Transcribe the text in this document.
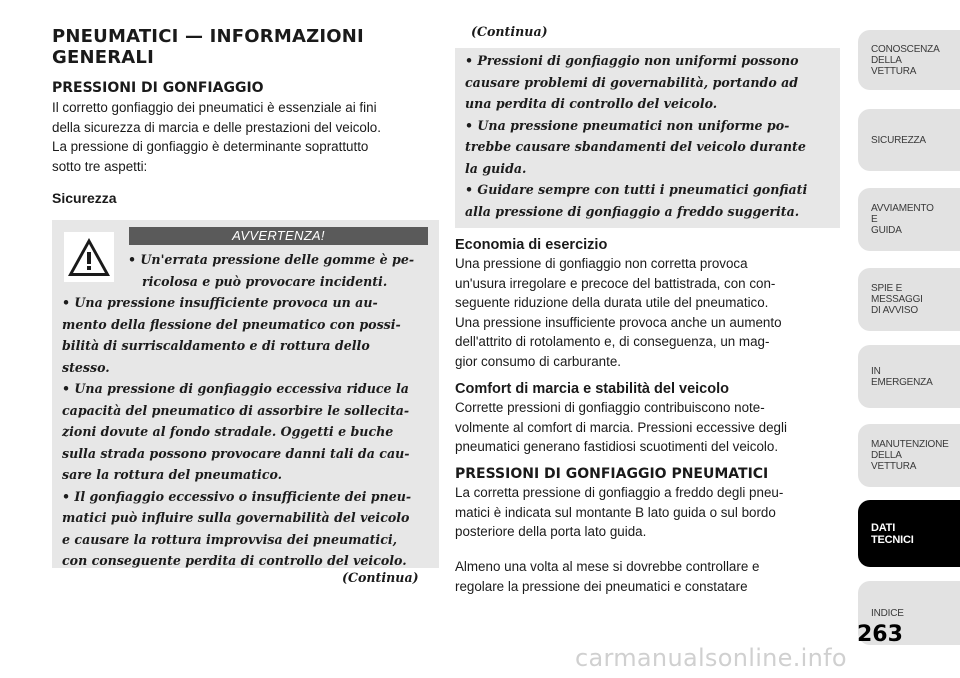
PNEUMATICI — INFORMAZIONI
GENERALI
PRESSIONI DI GONFIAGGIO
Il corretto gonfiaggio dei pneumatici è essenziale ai fini
della sicurezza di marcia e delle prestazioni del veicolo.
La pressione di gonfiaggio è determinante soprattutto
sotto tre aspetti:
Sicurezza
AVVERTENZA!
• Un'errata pressione delle gomme è pe-
ricolosa e può provocare incidenti.
• Una pressione insufficiente provoca un au-
mento della flessione del pneumatico con possi-
bilità di surriscaldamento e di rottura dello
stesso.
• Una pressione di gonfiaggio eccessiva riduce la
capacità del pneumatico di assorbire le sollecita-
zioni dovute al fondo stradale. Oggetti e buche
sulla strada possono provocare danni tali da cau-
sare la rottura del pneumatico.
• Il gonfiaggio eccessivo o insufficiente dei pneu-
matici può influire sulla governabilità del veicolo
e causare la rottura improvvisa dei pneumatici,
con conseguente perdita di controllo del veicolo.
(Continua)
(Continua)
• Pressioni di gonfiaggio non uniformi possono
causare problemi di governabilità, portando ad
una perdita di controllo del veicolo.
• Una pressione pneumatici non uniforme po-
trebbe causare sbandamenti del veicolo durante
la guida.
• Guidare sempre con tutti i pneumatici gonfiati
alla pressione di gonfiaggio a freddo suggerita.
Economia di esercizio
Una pressione di gonfiaggio non corretta provoca
un'usura irregolare e precoce del battistrada, con con-
seguente riduzione della durata utile del pneumatico.
Una pressione insufficiente provoca anche un aumento
dell'attrito di rotolamento e, di conseguenza, un mag-
gior consumo di carburante.
Comfort di marcia e stabilità del veicolo
Corrette pressioni di gonfiaggio contribuiscono note-
volmente al comfort di marcia. Pressioni eccessive degli
pneumatici generano fastidiosi scuotimenti del veicolo.
PRESSIONI DI GONFIAGGIO PNEUMATICI
La corretta pressione di gonfiaggio a freddo degli pneu-
matici è indicata sul montante B lato guida o sul bordo
posteriore della porta lato guida.
Almeno una volta al mese si dovrebbe controllare e
regolare la pressione dei pneumatici e constatare
CONOSCENZA
DELLA
VETTURA
SICUREZZA
AVVIAMENTO
E
GUIDA
SPIE E
MESSAGGI
DI AVVISO
IN
EMERGENZA
MANUTENZIONE
DELLA
VETTURA
DATI
TECNICI
INDICE
263
carmanualsonline.info
